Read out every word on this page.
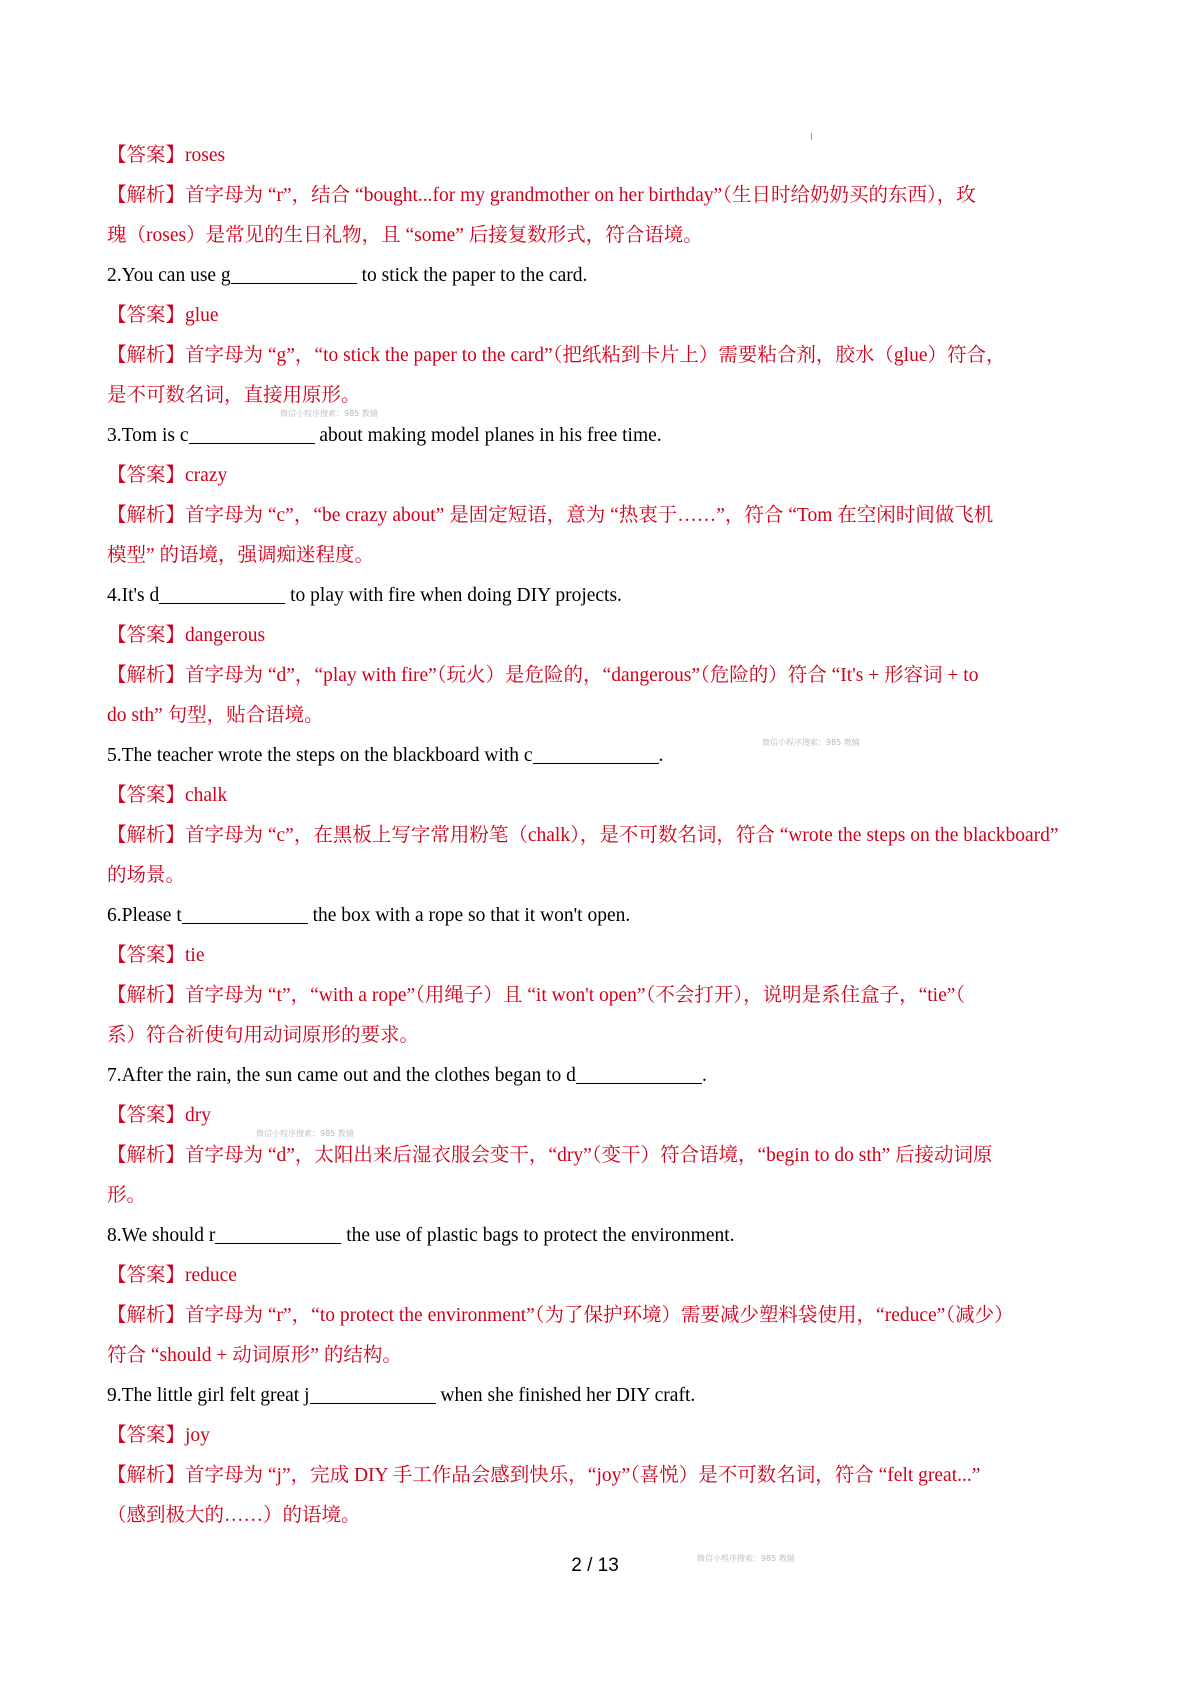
【答案】roses
【解析】首字母为 “r”，结合 “bought...for my grandmother on her birthday”（生日时给奶奶买的东西），玫
瑰（roses）是常见的生日礼物，且 “some” 后接复数形式，符合语境。
2.You can use g	to stick the paper to the card.
【答案】glue
【解析】首字母为 “g”，“to stick the paper to the card”（把纸粘到卡片上）需要粘合剂，胶水（glue）符合，
是不可数名词，直接用原形。
3.Tom is c	about making model planes in his free time.
【答案】crazy
【解析】首字母为 “c”，“be crazy about” 是固定短语，意为 “热衷于……”，符合 “Tom 在空闲时间做飞机
模型” 的语境，强调痴迷程度。
4.It's d	to play with fire when doing DIY projects.
【答案】dangerous
【解析】首字母为 “d”，“play with fire”（玩火）是危险的，“dangerous”（危险的）符合 “It's + 形容词 + to
do sth” 句型，贴合语境。
5.The teacher wrote the steps on the blackboard with c	.
【答案】chalk
【解析】首字母为 “c”，在黑板上写字常用粉笔（chalk），是不可数名词，符合 “wrote the steps on the blackboard”
的场景。
6.Please t	the box with a rope so that it won't open.
【答案】tie
【解析】首字母为 “t”，“with a rope”（用绳子）且 “it won't open”（不会打开），说明是系住盒子，“tie”（
系）符合祈使句用动词原形的要求。
7.After the rain, the sun came out and the clothes began to d	.
【答案】dry
【解析】首字母为 “d”，太阳出来后湿衣服会变干，“dry”（变干）符合语境，“begin to do sth” 后接动词原
形。
8.We should r	the use of plastic bags to protect the environment.
【答案】reduce
【解析】首字母为 “r”，“to protect the environment”（为了保护环境）需要减少塑料袋使用，“reduce”（减少）
符合 “should + 动词原形” 的结构。
9.The little girl felt great j	when she finished her DIY craft.
【答案】joy
【解析】首字母为 “j”，完成 DIY 手工作品会感到快乐，“joy”（喜悦）是不可数名词，符合 “felt great...”
（感到极大的……）的语境。
微信小程序搜索：985 教辅
微信小程序搜索：985 教辅
微信小程序搜索：985 教辅
微信小程序搜索：985 教辅
2 / 13
